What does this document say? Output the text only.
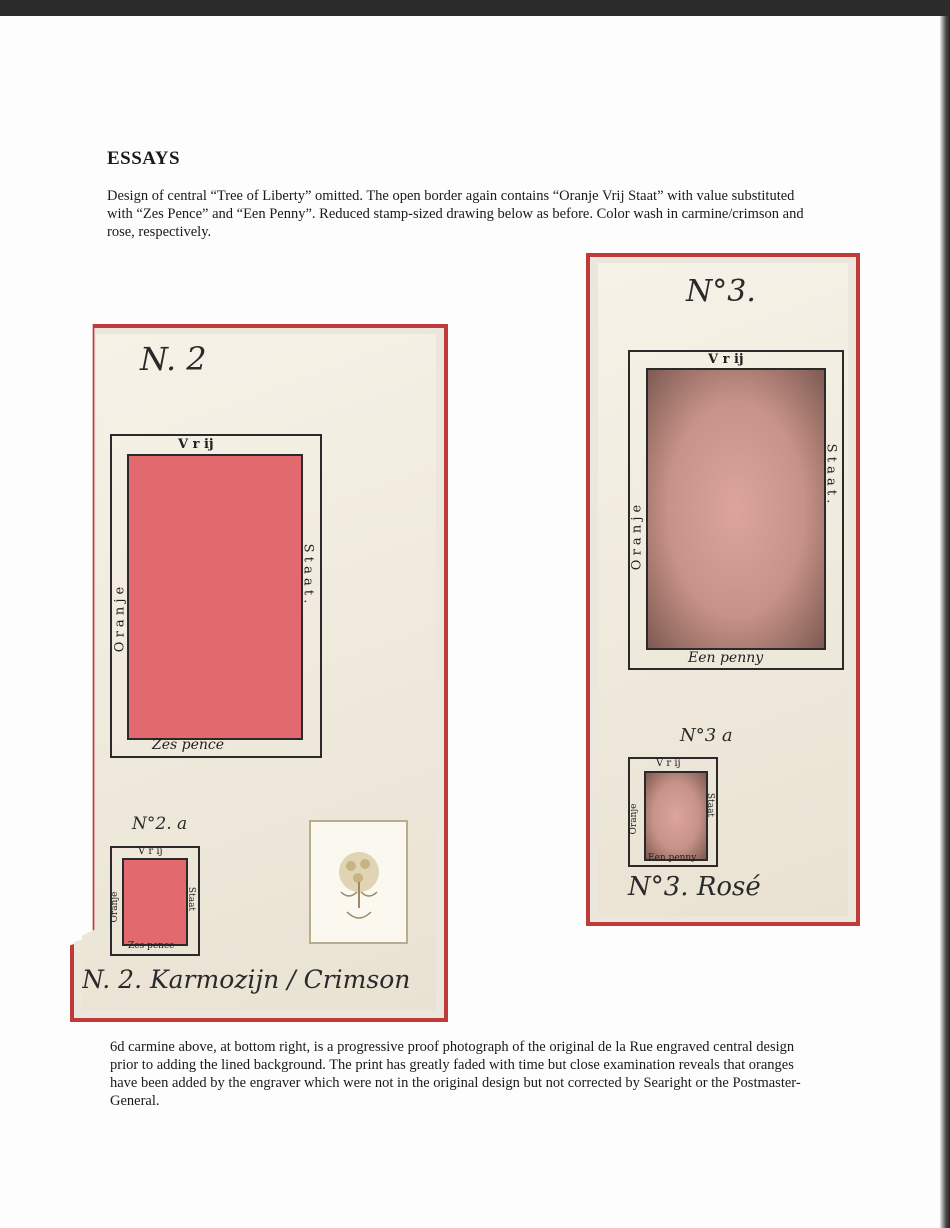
ESSAYS
Design of central “Tree of Liberty” omitted. The open border again contains “Oranje Vrij Staat” with value substituted with “Zes Pence” and “Een Penny”. Reduced stamp-sized drawing below as before. Color wash in carmine/crimson and rose, respectively.
N. 2
V r ij
O r a n j e
S t a a t .
Zes pence
N°2. a
V r ij
Oranje	Staat
Zes pence
N. 2. Karmozijn / Crimson
N°3.
V r ij
O r a n j e
S t a a t .
Een penny
N°3 a
V r ij
Oranje	Staat
Een penny
N°3. Rosé
6d carmine above, at bottom right, is a progressive proof photograph of the original de la Rue engraved central design prior to adding the lined background. The print has greatly faded with time but close examination reveals that oranges have been added by the engraver which were not in the original design but not corrected by Searight or the Postmaster-General.
